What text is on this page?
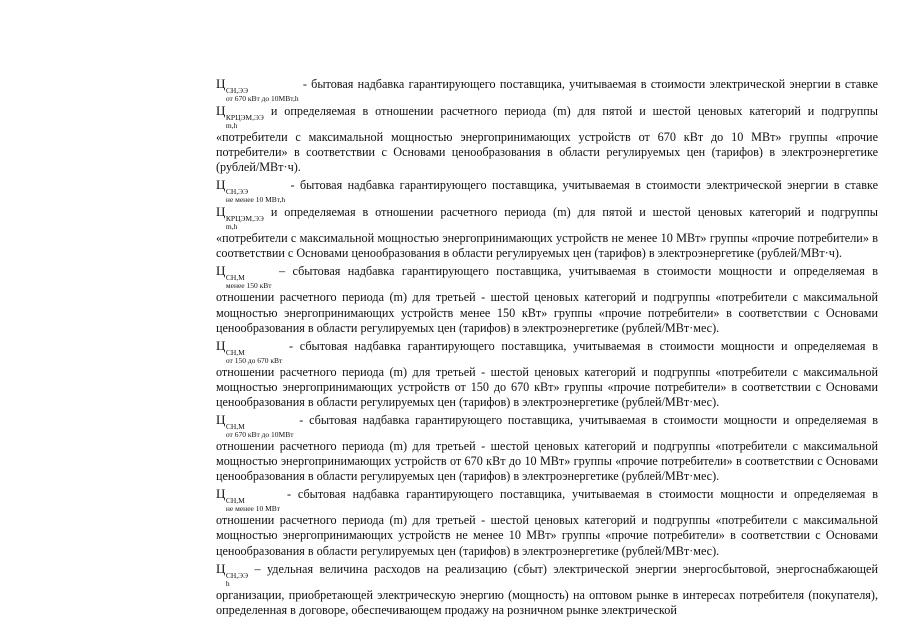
Ц СН,ЭЭ
от 670 кВт до 10МВт,h
- бытовая надбавка гарантирующего поставщика, учитываемая в стоимости электрической энергии в ставке Ц КРЦЭМ,ЭЭ
m,h
и определяемая в отношении расчетного периода (m) для пятой и шестой ценовых категорий и подгруппы «потребители с максимальной мощностью энергопринимающих устройств от 670 кВт до 10 МВт» группы «прочие потребители» в соответствии с Основами ценообразования в области регулируемых цен (тарифов) в электроэнергетике (рублей/МВт·ч).

Ц СН,ЭЭ
не менее 10 МВт,h
- бытовая надбавка гарантирующего поставщика, учитываемая в стоимости электрической энергии в ставке Ц КРЦЭМ,ЭЭ
m,h
и определяемая в отношении расчетного периода (m) для пятой и шестой ценовых категорий и подгруппы «потребители с максимальной мощностью энергопринимающих устройств не менее 10 МВт» группы «прочие потребители» в соответствии с Основами ценообразования в области регулируемых цен (тарифов) в электроэнергетике (рублей/МВт·ч).

Ц СН,М
менее 150 кВт
– сбытовая надбавка гарантирующего поставщика, учитываемая в стоимости мощности и определяемая в отношении расчетного периода (m) для третьей - шестой ценовых категорий и подгруппы «потребители с максимальной мощностью энергопринимающих устройств менее 150 кВт» группы «прочие потребители» в соответствии с Основами ценообразования в области регулируемых цен (тарифов) в электроэнергетике (рублей/МВт·мес).

Ц СН,М
от 150 до 670 кВт
- сбытовая надбавка гарантирующего поставщика, учитываемая в стоимости мощности и определяемая в отношении расчетного периода (m) для третьей - шестой ценовых категорий и подгруппы «потребители с максимальной мощностью энергопринимающих устройств от 150 до 670 кВт» группы «прочие потребители» в соответствии с Основами ценообразования в области регулируемых цен (тарифов) в электроэнергетике (рублей/МВт·мес).

Ц СН,М
от 670 кВт до 10МВт
- сбытовая надбавка гарантирующего поставщика, учитываемая в стоимости мощности и определяемая в отношении расчетного периода (m) для третьей - шестой ценовых категорий и подгруппы «потребители с максимальной мощностью энергопринимающих устройств от 670 кВт до 10 МВт» группы «прочие потребители» в соответствии с Основами ценообразования в области регулируемых цен (тарифов) в электроэнергетике (рублей/МВт·мес).

Ц СН,М
не менее 10 МВт
- сбытовая надбавка гарантирующего поставщика, учитываемая в стоимости мощности и определяемая в отношении расчетного периода (m) для третьей - шестой ценовых категорий и подгруппы «потребители с максимальной мощностью энергопринимающих устройств не менее 10 МВт» группы «прочие потребители» в соответствии с Основами ценообразования в области регулируемых цен (тарифов) в электроэнергетике (рублей/МВт·мес).

Ц СН,ЭЭ
h
– удельная величина расходов на реализацию (сбыт) электрической энергии энергосбытовой, энергоснабжающей организации, приобретающей электрическую энергию (мощность) на оптовом рынке в интересах потребителя (покупателя), определенная в договоре, обеспечивающем продажу на розничном рынке электрической
